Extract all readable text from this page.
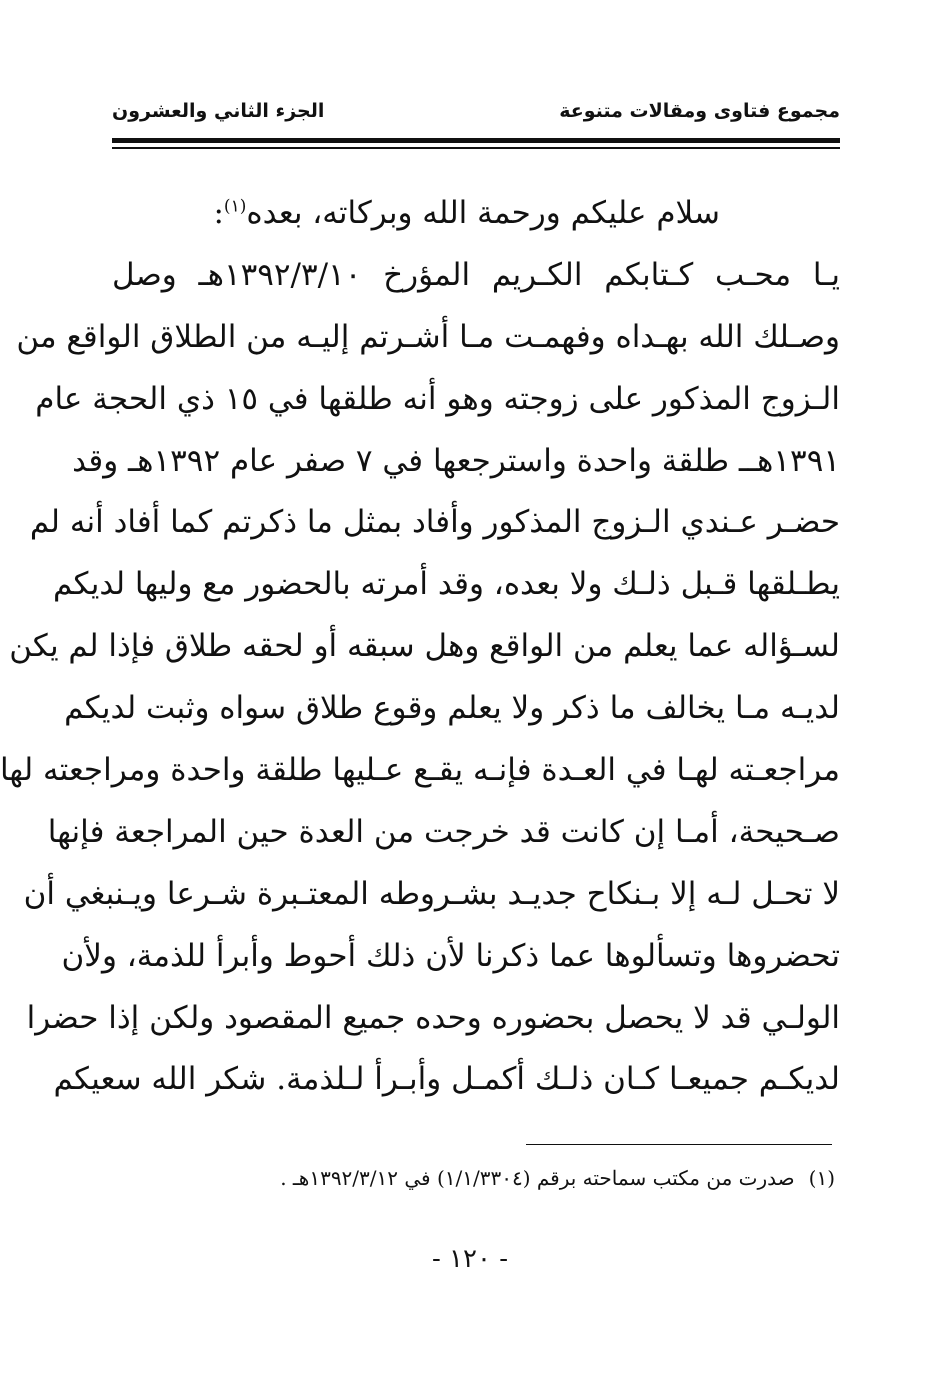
مجموع فتاوى ومقالات متنوعة
الجزء الثاني والعشرون
سلام عليكم ورحمة الله وبركاته، بعده$^{(١)}$:
يـا محـب كـتابكم الكـريم المؤرخ ١٣٩٢/٣/١٠هـ وصل
وصـلك الله بهـداه وفهمـت مـا أشـرتم إليـه من الطلاق الواقع من
الـزوج المذكور على زوجته وهو أنه طلقها في ١٥ ذي الحجة عام
١٣٩١هــ طلقة واحدة واسترجعها في ٧ صفر عام ١٣٩٢هـ وقد
حضـر عـندي الـزوج المذكور وأفاد بمثل ما ذكرتم كما أفاد أنه لم
يطـلقها قـبل ذلـك ولا بعده، وقد أمرته بالحضور مع وليها لديكم
لسـؤاله عما يعلم من الواقع وهل سبقه أو لحقه طلاق فإذا لم يكن
لديـه مـا يخالف ما ذكر ولا يعلم وقوع طلاق سواه وثبت لديكم
مراجعـته لهـا في العـدة فإنـه يقـع عـليها طلقة واحدة ومراجعته لها
صـحيحة، أمـا إن كانت قد خرجت من العدة حين المراجعة فإنها
لا تحـل لـه إلا بـنكاح جديـد بشـروطه المعتـبرة شـرعا ويـنبغي أن
تحضروها وتسألوها عما ذكرنا لأن ذلك أحوط وأبرأ للذمة، ولأن
الولـي قد لا يحصل بحضوره وحده جميع المقصود ولكن إذا حضرا
لديكـم جميعـا كـان ذلـك أكمـل وأبـرأ لـلذمة. شكر الله سعيكم
(١)صدرت من مكتب سماحته برقم (١/١/٣٣٠٤) في ١٣٩٢/٣/١٢هـ .
- ١٢٠ -
